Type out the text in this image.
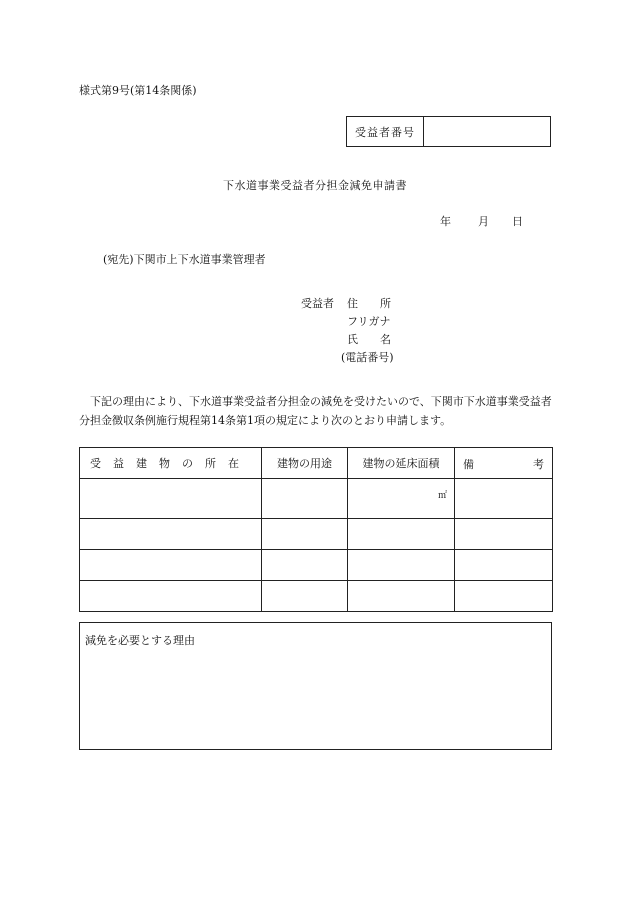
様式第9号(第14条関係)
受益者番号
下水道事業受益者分担金減免申請書
年 月 日
(宛先)下関市上下水道事業管理者
受益者 住　　所
フリガナ
氏　　名
(電話番号)
下記の理由により、下水道事業受益者分担金の減免を受けたいので、下関市下水道事業受益者分担金徴収条例施行規程第14条第1項の規定により次のとおり申請します。
受益建物の所在	建物の用途	建物の延床面積	備 考

		㎡	

減免を必要とする理由
